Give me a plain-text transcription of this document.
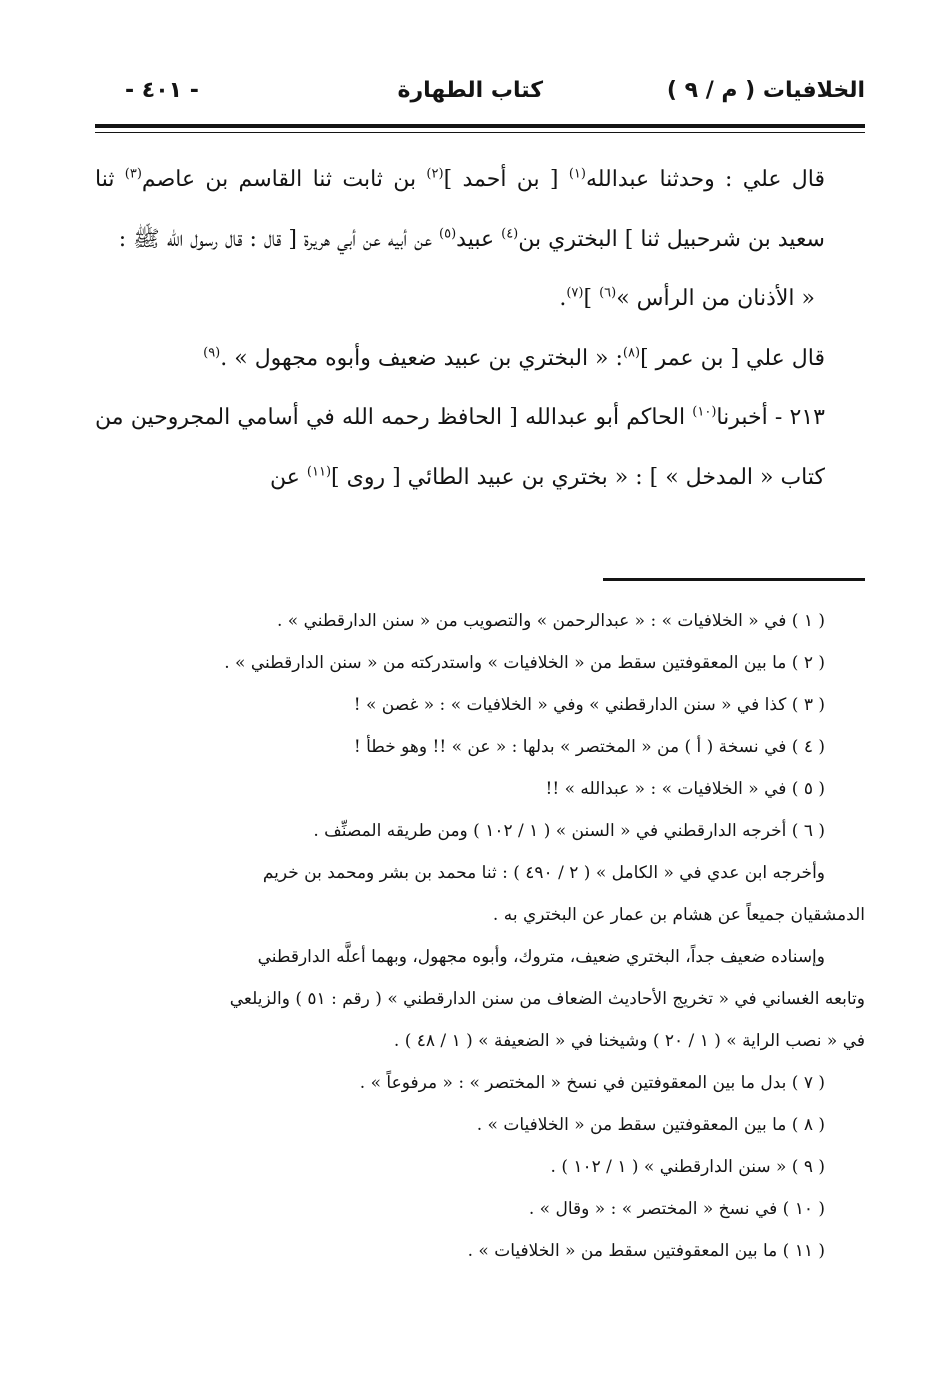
الخلافيات ( م / ٩ )
كتاب الطهارة
- ٤٠١ -

قال علي : وحدثنا عبدالله$^{(١)}$ [ بن أحمد ]$^{(٢)}$ بن ثابت ثنا القاسم بن عاصم$^{(٣)}$ ثنا سعيد بن شرحبيل ثنا ] البختري بن$^{(٤)}$ عبيد$^{(٥)}$ عن أبيه عن أبي هريرة [ قال : قال رسول الله ﷺ :

« الأذنان من الرأس »$^{(٦)}$ ]$^{(٧)}$.

قال علي [ بن عمر ]$^{(٨)}$: « البختري بن عبيد ضعيف وأبوه مجهول » .$^{(٩)}$

٢١٣ - أخبرنا$^{(١٠)}$ الحاكم أبو عبدالله [ الحافظ رحمه الله في أسامي المجروحين من كتاب « المدخل » ] : « بختري بن عبيد الطائي [ روى ]$^{(١١)}$ عن

( ١ ) في « الخلافيات » : « عبدالرحمن » والتصويب من « سنن الدارقطني » .

( ٢ ) ما بين المعقوفتين سقط من « الخلافيات » واستدركته من « سنن الدارقطني » .

( ٣ ) كذا في « سنن الدارقطني » وفي « الخلافيات » : « غصن » !

( ٤ ) في نسخة ( أ ) من « المختصر » بدلها : « عن » !! وهو خطأ !

( ٥ ) في « الخلافيات » : « عبدالله » !!

( ٦ ) أخرجه الدارقطني في « السنن » ( ١ / ١٠٢ ) ومن طريقه المصنِّف .

وأخرجه ابن عدي في « الكامل » ( ٢ / ٤٩٠ ) : ثنا محمد بن بشر ومحمد بن خريم

الدمشقيان جميعاً عن هشام بن عمار عن البختري به .

وإسناده ضعيف جداً، البختري ضعيف، متروك، وأبوه مجهول، وبهما أعلَّه الدارقطني

وتابعه الغساني في « تخريج الأحاديث الضعاف من سنن الدارقطني » ( رقم : ٥١ ) والزيلعي

في « نصب الراية » ( ١ / ٢٠ ) وشيخنا في « الضعيفة » ( ١ / ٤٨ ) .

( ٧ ) بدل ما بين المعقوفتين في نسخ « المختصر » : « مرفوعاً » .

( ٨ ) ما بين المعقوفتين سقط من « الخلافيات » .

( ٩ ) « سنن الدارقطني » ( ١ / ١٠٢ ) .

( ١٠ ) في نسخ « المختصر » : « وقال » .

( ١١ ) ما بين المعقوفتين سقط من « الخلافيات » .
